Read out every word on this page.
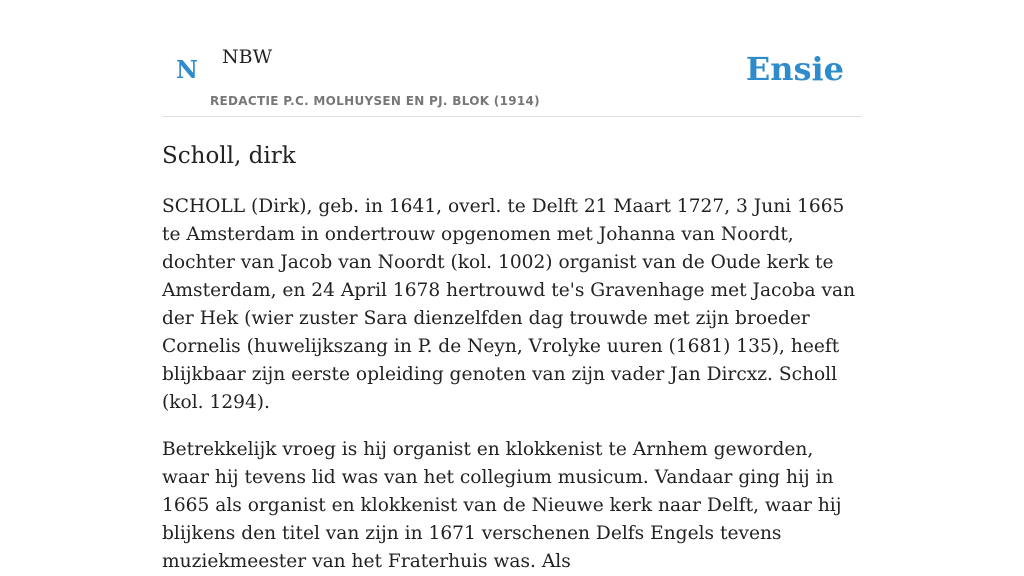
N NBW
REDACTIE P.C. MOLHUYSEN EN PJ. BLOK (1914)
Ensie
Scholl, dirk

SCHOLL (Dirk), geb. in 1641, overl. te Delft 21 Maart 1727, 3 Juni 1665 te Amsterdam in ondertrouw opgenomen met Johanna van Noordt, dochter van Jacob van Noordt (kol. 1002) organist van de Oude kerk te Amsterdam, en 24 April 1678 hertrouwd te's Gravenhage met Jacoba van der Hek (wier zuster Sara dienzelfden dag trouwde met zijn broeder Cornelis (huwelijkszang in P. de Neyn, Vrolyke uuren (1681) 135), heeft blijkbaar zijn eerste opleiding genoten van zijn vader Jan Dircxz. Scholl (kol. 1294).

Betrekkelijk vroeg is hij organist en klokkenist te Arnhem geworden, waar hij tevens lid was van het collegium musicum. Vandaar ging hij in 1665 als organist en klokkenist van de Nieuwe kerk naar Delft, waar hij blijkens den titel van zijn in 1671 verschenen Delfs Engels tevens muziekmeester van het Fraterhuis was. Als
